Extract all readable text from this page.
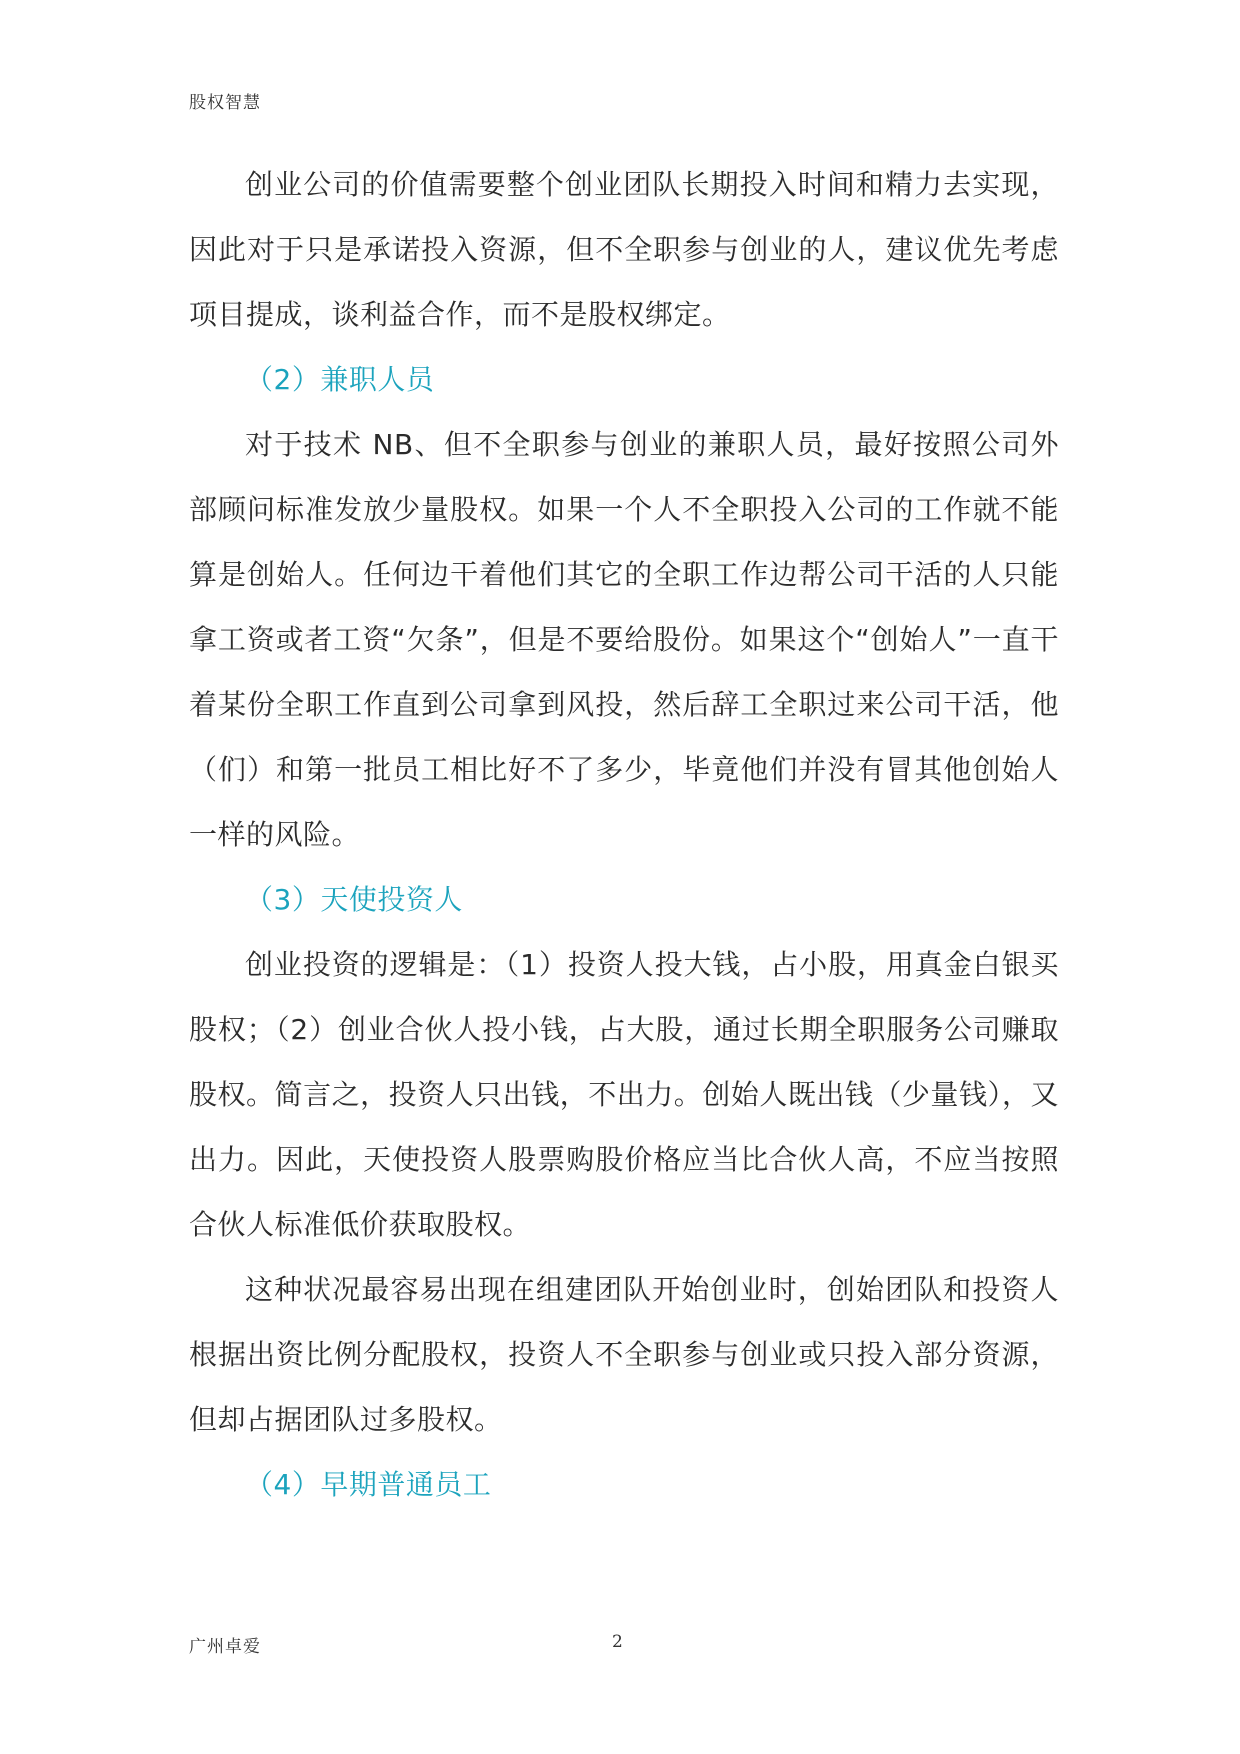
股权智慧

创业公司的价值需要整个创业团队长期投入时间和精力去实现，因此对于只是承诺投入资源，但不全职参与创业的人，建议优先考虑项目提成，谈利益合作，而不是股权绑定。

（2）兼职人员

对于技术 NB、但不全职参与创业的兼职人员，最好按照公司外部顾问标准发放少量股权。如果一个人不全职投入公司的工作就不能算是创始人。任何边干着他们其它的全职工作边帮公司干活的人只能拿工资或者工资“欠条”，但是不要给股份。如果这个“创始人”一直干着某份全职工作直到公司拿到风投，然后辞工全职过来公司干活，他（们）和第一批员工相比好不了多少，毕竟他们并没有冒其他创始人一样的风险。

（3）天使投资人

创业投资的逻辑是：（1）投资人投大钱，占小股，用真金白银买股权；（2）创业合伙人投小钱，占大股，通过长期全职服务公司赚取股权。简言之，投资人只出钱，不出力。创始人既出钱（少量钱），又出力。因此，天使投资人股票购股价格应当比合伙人高，不应当按照合伙人标准低价获取股权。

这种状况最容易出现在组建团队开始创业时，创始团队和投资人根据出资比例分配股权，投资人不全职参与创业或只投入部分资源，但却占据团队过多股权。

（4）早期普通员工

广州卓爱	2
